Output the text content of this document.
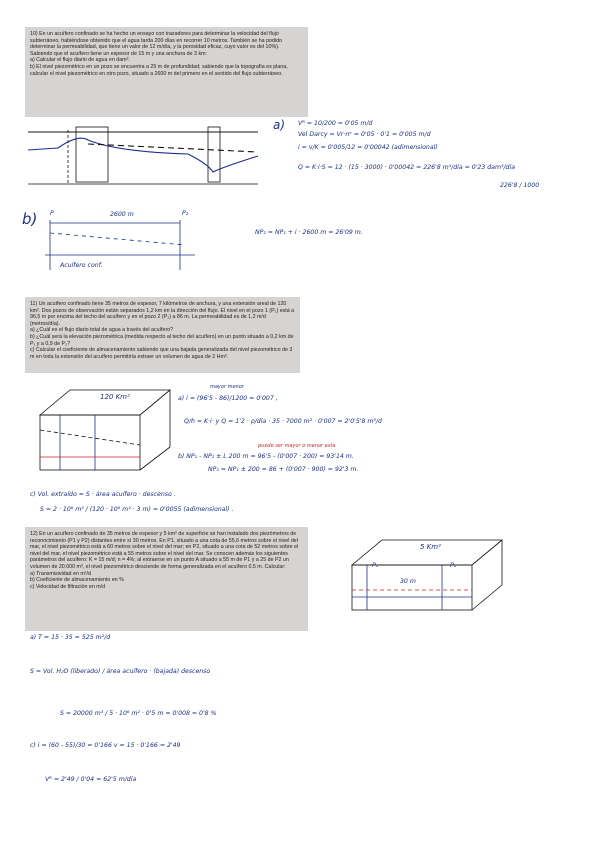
10) En un acuífero confinado se ha hecho un ensayo con trazadores para determinar la velocidad del flujo subterráneo, habiéndose obtenido que el agua tarda 200 días en recorrer 10 metros. También se ha podido determinar la permeabilidad, que tiene un valor de 12 m/día, y la porosidad eficaz, cuyo valor es del 10%). Sabiendo que el acuífero tiene un espesor de 15 m y una anchura de 3 km:

a) Calcular el flujo diario de agua en dam³.

b) El nivel piezométrico en un pozo se encuentra a 25 m de profundidad; sabiendo que la topografía es plana, calcular el nivel piezométrico en otro pozo, situado a 2600 m del primero en el sentido del flujo subterráneo.

a) Vᴿ = 10/200 = 0'05 m/d
Vel Darcy = Vr·nᵉ = 0'05 · 0'1 = 0'005 m/d
i = v/K = 0'005/12 = 0'00042 (adimensional)
Q = K·i·S = 12 · (15 · 3000) · 0'00042 = 226'8 m³/día = 0'23 dam³/día
226'8 / 1000
b) P	2600 m	P₂
Acuífero conf.
NP₂ = NP₁ + i · 2600 m = 26'09 m.

11) Un acuífero confinado tiene 35 metros de espesor, 7 kilómetros de anchura, y una extensión areal de 120 km². Dos pozos de observación están separados 1,2 km en la dirección del flujo. El nivel en el pozo 1 (P₁) está a 96,5 m por encima del techo del acuífero y en el pozo 2 (P₂) a 86 m. La permeabilidad es de 1,2 m/d (metros/día).

a) ¿Cuál es el flujo diario total de agua a través del acuífero?

b) ¿Cuál será la elevación piezométrica (medida respecto al techo del acuífero) en un punto situado a 0,2 km de P₁ y a 0,9 de P₂?

c) Calcular el coeficiente de almacenamiento sabiendo que una bajada generalizada del nivel piezométrico de 3 m en toda la extensión del acuífero permitiría extraer un volumen de agua de 2 Hm³.

120 Km²
mayor menor
a) i = (96'5 - 86)/1200 = 0'007 ,
Q/h = K·i· y Q = 1'2 · ρ/día · 35 · 7000 m² · 0'007 = 2'0'5'8 m³/d
puede ser mayor o menor esta
b) NP₁ - NP₂ ± L 200 m = 96'5 - (0'007 · 200) = 93'14 m.
NP₂ = NP₁ ± 200 = 86 + (0'007 · 900) = 92'3 m.
c) Vol. extraído = S · área acuífero · descenso .
S = 2 · 10⁶ m³ / (120 · 10⁶ m² · 3 m) = 0'0055 (adimensional) .

12) En un acuífero confinado de 35 metros de espesor y 5 km² de superficie se han instalado dos piezómetros de reconocimiento (P1 y P2) distantes entre sí 30 metros. En P1, situado a una cota de 55,6 metros sobre el nivel del mar, el nivel piezométrico está a 60 metros sobre el nivel del mar; en P2, situado a una cota de 52 metros sobre el nivel del mar, el nivel piezométrico está a 55 metros sobre el nivel del mar. Se conocen además los siguientes parámetros del acuífero: K = 15 m/d; n = 4%; al extraerse en un punto A situado a 55 m de P1 y a 25 de P2 un volumen de 20.000 m³, el nivel piezométrico desciende de forma generalizada en el acuífero 0.5 m. Calcular:

a) Transmisividad en m²/d

b) Coeficiente de almacenamiento en %

c) Velocidad de filtración en m/d

5 Km²
P₁	P₂
30 m
a) T = 15 · 35 = 525 m²/d
S = Vol. H₂O (liberado) / área acuífero · (bajada) descenso
S = 20000 m³ / 5 · 10⁶ m² · 0'5 m = 0'008 ≈ 0'8 %
c) i = (60 - 55)/30 = 0'166 v = 15 · 0'166 = 2'49
Vᴿ = 2'49 / 0'04 = 62'5 m/día
